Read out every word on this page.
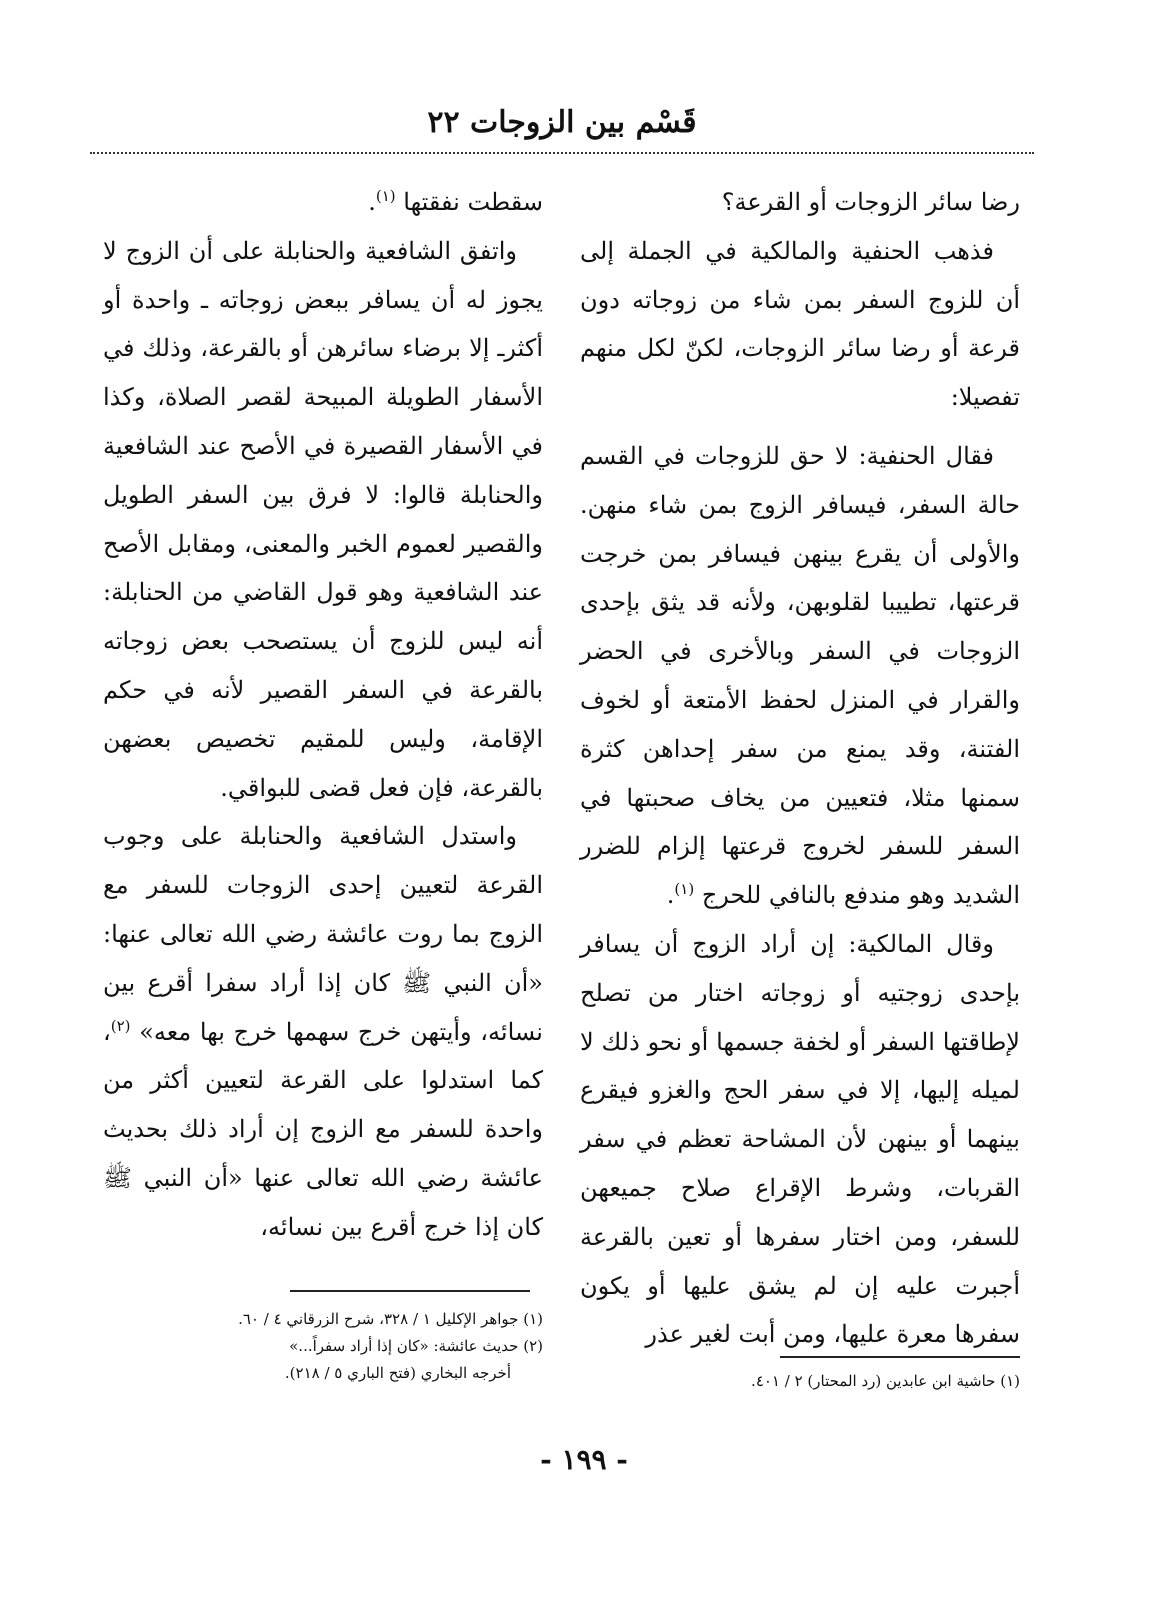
قَسْم بين الزوجات ٢٢

رضا سائر الزوجات أو القرعة؟

فذهب الحنفية والمالكية في الجملة إلى أن للزوج السفر بمن شاء من زوجاته دون قرعة أو رضا سائر الزوجات، لكنّ لكل منهم تفصيلا:

فقال الحنفية: لا حق للزوجات في القسم حالة السفر، فيسافر الزوج بمن شاء منهن. والأولى أن يقرع بينهن فيسافر بمن خرجت قرعتها، تطييبا لقلوبهن، ولأنه قد يثق بإحدى الزوجات في السفر وبالأخرى في الحضر والقرار في المنزل لحفظ الأمتعة أو لخوف الفتنة، وقد يمنع من سفر إحداهن كثرة سمنها مثلا، فتعيين من يخاف صحبتها في السفر للسفر لخروج قرعتها إلزام للضرر الشديد وهو مندفع بالنافي للحرج $^{(١)}$.

وقال المالكية: إن أراد الزوج أن يسافر بإحدى زوجتيه أو زوجاته اختار من تصلح لإطاقتها السفر أو لخفة جسمها أو نحو ذلك لا لميله إليها، إلا في سفر الحج والغزو فيقرع بينهما أو بينهن لأن المشاحة تعظم في سفر القربات، وشرط الإقراع صلاح جميعهن للسفر، ومن اختار سفرها أو تعين بالقرعة أجبرت عليه إن لم يشق عليها أو يكون سفرها معرة عليها، ومن أبت لغير عذر

سقطت نفقتها $^{(١)}$.

واتفق الشافعية والحنابلة على أن الزوج لا يجوز له أن يسافر ببعض زوجاته ـ واحدة أو أكثرـ إلا برضاء سائرهن أو بالقرعة، وذلك في الأسفار الطويلة المبيحة لقصر الصلاة، وكذا في الأسفار القصيرة في الأصح عند الشافعية والحنابلة قالوا: لا فرق بين السفر الطويل والقصير لعموم الخبر والمعنى، ومقابل الأصح عند الشافعية وهو قول القاضي من الحنابلة: أنه ليس للزوج أن يستصحب بعض زوجاته بالقرعة في السفر القصير لأنه في حكم الإقامة، وليس للمقيم تخصيص بعضهن بالقرعة، فإن فعل قضى للبواقي.

واستدل الشافعية والحنابلة على وجوب القرعة لتعيين إحدى الزوجات للسفر مع الزوج بما روت عائشة رضي الله تعالى عنها: «أن النبي ﷺ كان إذا أراد سفرا أقرع بين نسائه، وأيتهن خرج سهمها خرج بها معه» $^{(٢)}$، كما استدلوا على القرعة لتعيين أكثر من واحدة للسفر مع الزوج إن أراد ذلك بحديث عائشة رضي الله تعالى عنها «أن النبي ﷺ كان إذا خرج أقرع بين نسائه،

(١) جواهر الإكليل ١ / ٣٢٨، شرح الزرقاني ٤ / ٦٠.
(٢) حديث عائشة: «كان إذا أراد سفراً...»
أخرجه البخاري (فتح الباري ٥ / ٢١٨).	(١) حاشية ابن عابدين (رد المحتار) ٢ / ٤٠١.
- ١٩٩ -
